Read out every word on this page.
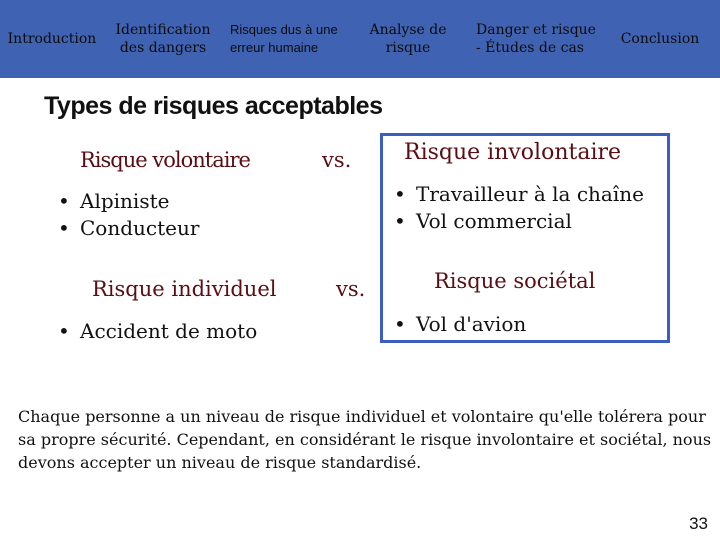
Introduction
Identification
des dangers
Risques dus à une
erreur humaine
Analyse de
risque
Danger et risque
- Études de cas
Conclusion
Types de risques acceptables
Risque volontaire	vs.
• Alpiniste
• Conducteur
Risque individuel	vs.
• Accident de moto
Risque involontaire
• Travailleur à la chaîne
• Vol commercial
Risque sociétal
• Vol d'avion

Chaque personne a un niveau de risque individuel et volontaire qu'elle tolérera pour sa propre sécurité. Cependant, en considérant le risque involontaire et sociétal, nous devons accepter un niveau de risque standardisé.

33
